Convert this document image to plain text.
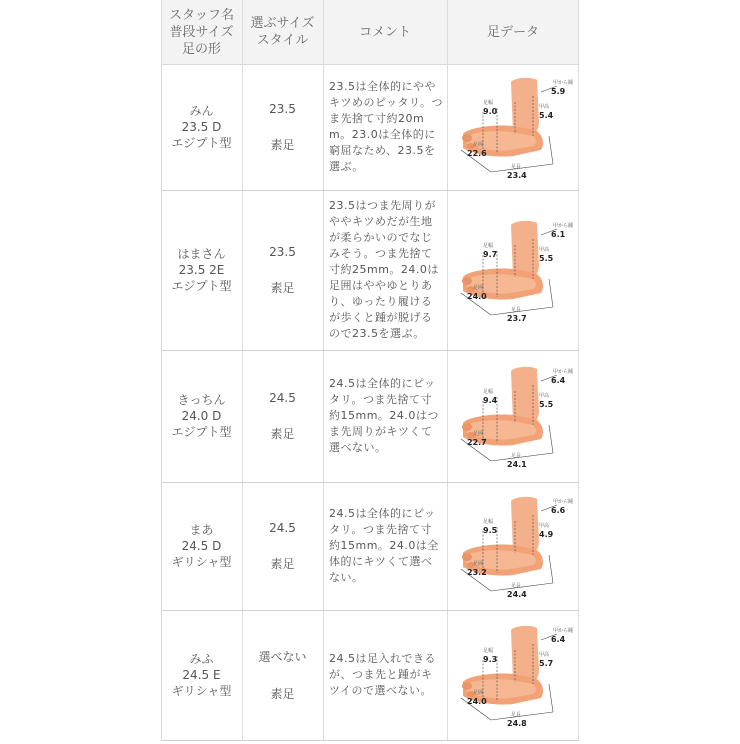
スタッフ名
普段サイズ
足の形
選ぶサイズ
スタイル
コメント	足データ
みん
23.5 D
エジプト型
23.5
素足
23.5は全体的にややキツめのピッタリ。つま先捨て寸約20mm。23.0は全体的に窮屈なため、23.5を選ぶ。
足幅
9.0
甲から踵
5.9
甲高
5.4
足囲
22.6
足長
23.4
はまさん
23.5 2E
エジプト型
23.5
素足
23.5はつま先周りがややキツめだが生地が柔らかいのでなじみそう。つま先捨て寸約25mm。24.0は足囲はややゆとりあり、ゆったり履けるが歩くと踵が脱げるので23.5を選ぶ。
足幅
9.7
甲から踵
6.1
甲高
5.5
足囲
24.0
足長
23.7
きっちん
24.0 D
エジプト型
24.5
素足
24.5は全体的にピッタリ。つま先捨て寸約15mm。24.0はつま先周りがキツくて選べない。
足幅
9.4
甲から踵
6.4
甲高
5.5
足囲
22.7
足長
24.1
まあ
24.5 D
ギリシャ型
24.5
素足
24.5は全体的にピッタリ。つま先捨て寸約15mm。24.0は全体的にキツくて選べない。
足幅
9.5
甲から踵
6.6
甲高
4.9
足囲
23.2
足長
24.4
みふ
24.5 E
ギリシャ型
選べない
素足
24.5は足入れできるが、つま先と踵がキツイので選べない。
足幅
9.3
甲から踵
6.4
甲高
5.7
足囲
24.0
足長
24.8
